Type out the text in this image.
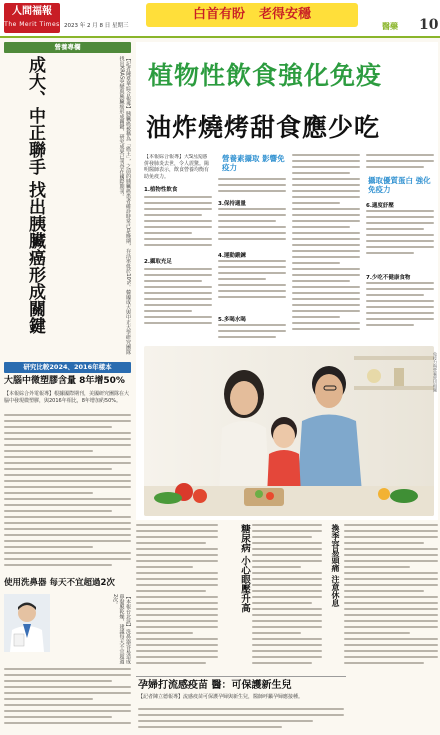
人間福報
The Merit Times 2023 年 2 月 8 日 星期三
白首有盼 老得安穩
醫藥 10
營養專欄
成大、中正聯手 找出胰臟癌形成關鍵	【記者陳羣華綜合報導】胰臟癌被稱為「癌王」，之前的胰臟癌患者確診時常已是晚期，存活率低於10%。韓國成大與中正大學研究團隊找出KRAS突變與胰臟癌形成關鍵，研究成果已刊登在國際期刊。
研究比較2024、2016年樣本
大腦中微塑膠含量 8年增50%
【本報綜合外電報導】根據國際期刊，美國研究團隊在大腦中發現微塑膠，與2016年相比，8年增加約50%。
使用洗鼻器 每天不宜超過2次
【本報台北訊】洗鼻器容易造成鼻黏膜乾燥，建議每天不宜超過2次。
植物性飲食強化免疫
油炸燒烤甜食應少吃
【本報綜合報導】大S因流感併發肺炎去世，令人震驚。陽明醫師表示，飲食營養均衡有助免疫力。
1.植物性飲食
2.攝取充足
營養素攝取 影響免疫力
3.保持適量
4.運動鍛鍊
5.多喝水喝
攝取優質蛋白 強化免疫力
6.適度紓壓
7.少吃不健康食物
免疫力與營養密切相關
糖尿病 小心眼壓升高	換季容易頭痛 注意休息
孕婦打流感疫苗 醫：可保護新生兒
【記者陳立德報導】流感疫苗可保護孕婦與新生兒，醫師呼籲孕婦應接種。
